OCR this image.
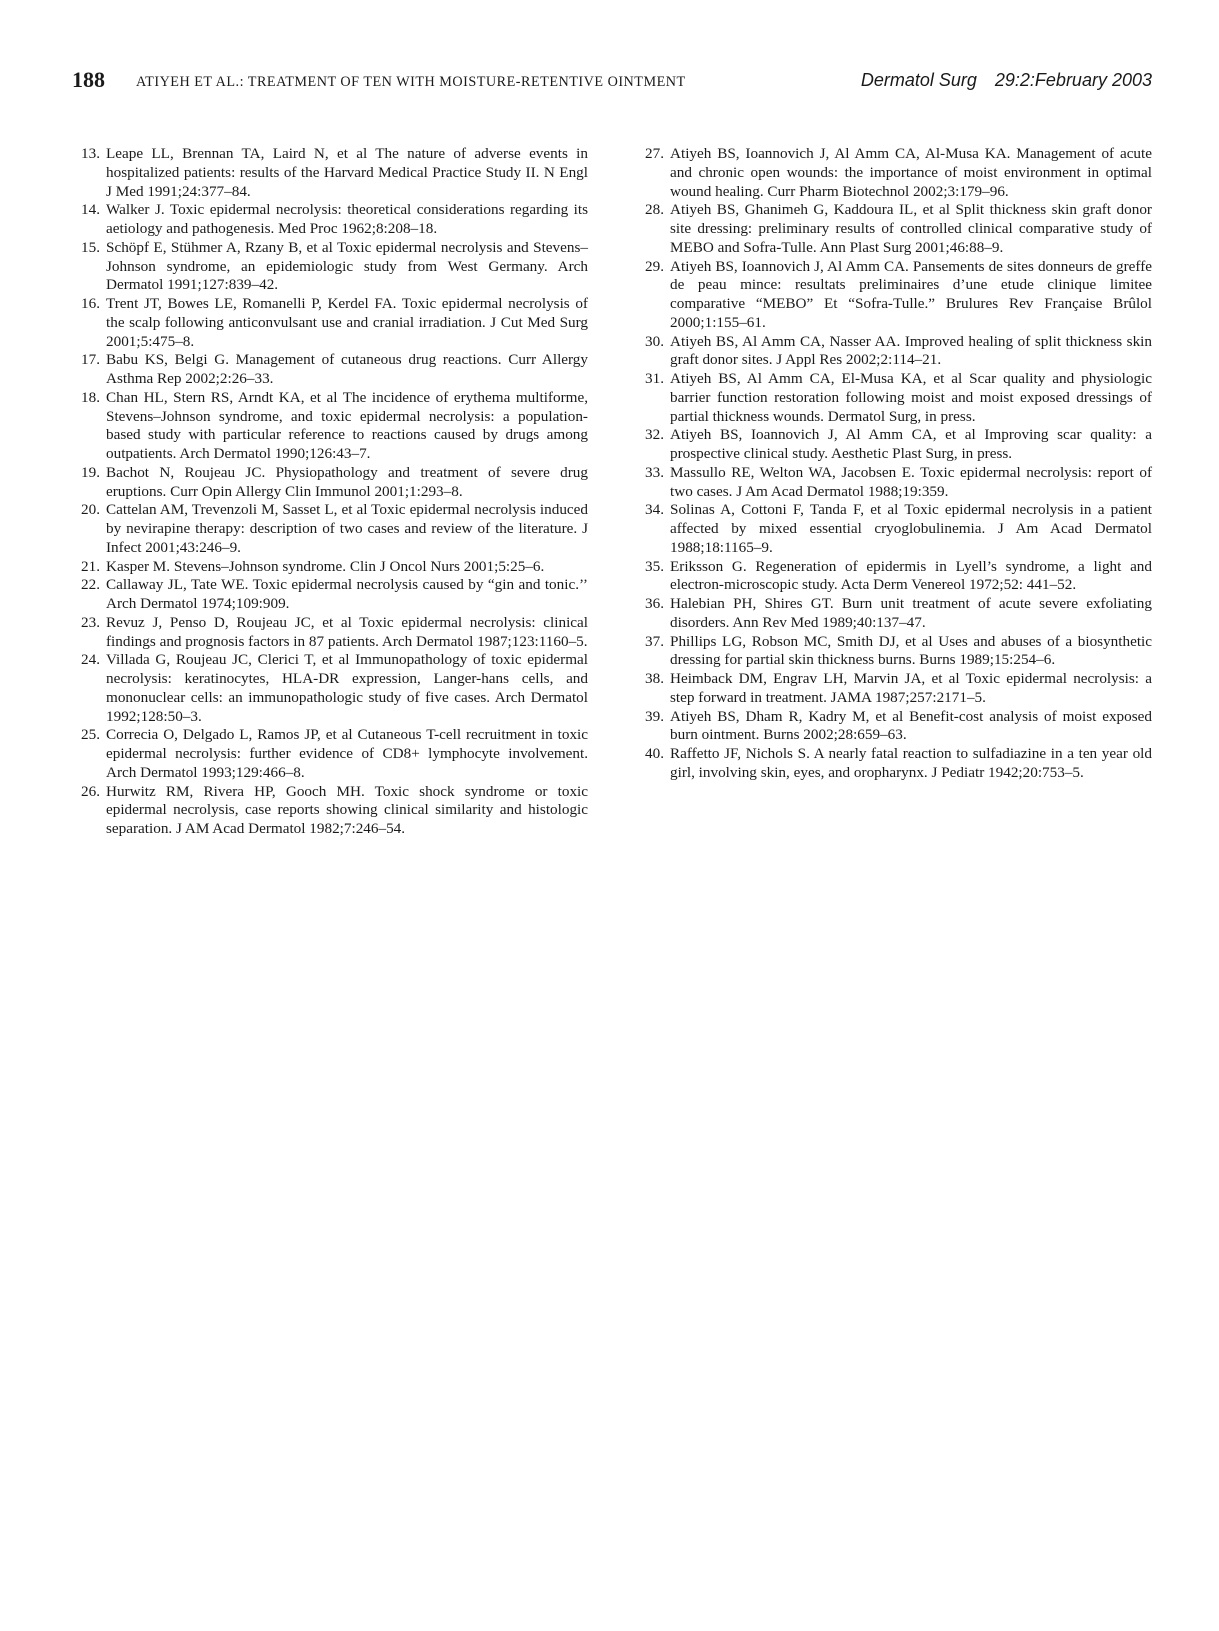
188 ATIYEH ET AL.: TREATMENT OF TEN WITH MOISTURE-RETENTIVE OINTMENT	Dermatol Surg 29:2:February 2003
13. Leape LL, Brennan TA, Laird N, et al The nature of adverse events in hospitalized patients: results of the Harvard Medical Practice Study II. N Engl J Med 1991;24:377–84.
14. Walker J. Toxic epidermal necrolysis: theoretical considerations regarding its aetiology and pathogenesis. Med Proc 1962;8:208–18.
15. Schöpf E, Stühmer A, Rzany B, et al Toxic epidermal necrolysis and Stevens–Johnson syndrome, an epidemiologic study from West Germany. Arch Dermatol 1991;127:839–42.
16. Trent JT, Bowes LE, Romanelli P, Kerdel FA. Toxic epidermal necrolysis of the scalp following anticonvulsant use and cranial irradiation. J Cut Med Surg 2001;5:475–8.
17. Babu KS, Belgi G. Management of cutaneous drug reactions. Curr Allergy Asthma Rep 2002;2:26–33.
18. Chan HL, Stern RS, Arndt KA, et al The incidence of erythema multiforme, Stevens–Johnson syndrome, and toxic epidermal necrolysis: a population-based study with particular reference to reactions caused by drugs among outpatients. Arch Dermatol 1990;126:43–7.
19. Bachot N, Roujeau JC. Physiopathology and treatment of severe drug eruptions. Curr Opin Allergy Clin Immunol 2001;1:293–8.
20. Cattelan AM, Trevenzoli M, Sasset L, et al Toxic epidermal necrolysis induced by nevirapine therapy: description of two cases and review of the literature. J Infect 2001;43:246–9.
21. Kasper M. Stevens–Johnson syndrome. Clin J Oncol Nurs 2001;5:25–6.
22. Callaway JL, Tate WE. Toxic epidermal necrolysis caused by “gin and tonic.’’ Arch Dermatol 1974;109:909.
23. Revuz J, Penso D, Roujeau JC, et al Toxic epidermal necrolysis: clinical findings and prognosis factors in 87 patients. Arch Dermatol 1987;123:1160–5.
24. Villada G, Roujeau JC, Clerici T, et al Immunopathology of toxic epidermal necrolysis: keratinocytes, HLA-DR expression, Langer-hans cells, and mononuclear cells: an immunopathologic study of five cases. Arch Dermatol 1992;128:50–3.
25. Correcia O, Delgado L, Ramos JP, et al Cutaneous T-cell recruitment in toxic epidermal necrolysis: further evidence of CD8+ lymphocyte involvement. Arch Dermatol 1993;129:466–8.
26. Hurwitz RM, Rivera HP, Gooch MH. Toxic shock syndrome or toxic epidermal necrolysis, case reports showing clinical similarity and histologic separation. J AM Acad Dermatol 1982;7:246–54.
27. Atiyeh BS, Ioannovich J, Al Amm CA, Al-Musa KA. Management of acute and chronic open wounds: the importance of moist environment in optimal wound healing. Curr Pharm Biotechnol 2002;3:179–96.
28. Atiyeh BS, Ghanimeh G, Kaddoura IL, et al Split thickness skin graft donor site dressing: preliminary results of controlled clinical comparative study of MEBO and Sofra-Tulle. Ann Plast Surg 2001;46:88–9.
29. Atiyeh BS, Ioannovich J, Al Amm CA. Pansements de sites donneurs de greffe de peau mince: resultats preliminaires d’une etude clinique limitee comparative “MEBO” Et “Sofra-Tulle.” Brulures Rev Française Brûlol 2000;1:155–61.
30. Atiyeh BS, Al Amm CA, Nasser AA. Improved healing of split thickness skin graft donor sites. J Appl Res 2002;2:114–21.
31. Atiyeh BS, Al Amm CA, El-Musa KA, et al Scar quality and physiologic barrier function restoration following moist and moist exposed dressings of partial thickness wounds. Dermatol Surg, in press.
32. Atiyeh BS, Ioannovich J, Al Amm CA, et al Improving scar quality: a prospective clinical study. Aesthetic Plast Surg, in press.
33. Massullo RE, Welton WA, Jacobsen E. Toxic epidermal necrolysis: report of two cases. J Am Acad Dermatol 1988;19:359.
34. Solinas A, Cottoni F, Tanda F, et al Toxic epidermal necrolysis in a patient affected by mixed essential cryoglobulinemia. J Am Acad Dermatol 1988;18:1165–9.
35. Eriksson G. Regeneration of epidermis in Lyell’s syndrome, a light and electron-microscopic study. Acta Derm Venereol 1972;52: 441–52.
36. Halebian PH, Shires GT. Burn unit treatment of acute severe exfoliating disorders. Ann Rev Med 1989;40:137–47.
37. Phillips LG, Robson MC, Smith DJ, et al Uses and abuses of a biosynthetic dressing for partial skin thickness burns. Burns 1989;15:254–6.
38. Heimback DM, Engrav LH, Marvin JA, et al Toxic epidermal necrolysis: a step forward in treatment. JAMA 1987;257:2171–5.
39. Atiyeh BS, Dham R, Kadry M, et al Benefit-cost analysis of moist exposed burn ointment. Burns 2002;28:659–63.
40. Raffetto JF, Nichols S. A nearly fatal reaction to sulfadiazine in a ten year old girl, involving skin, eyes, and oropharynx. J Pediatr 1942;20:753–5.
